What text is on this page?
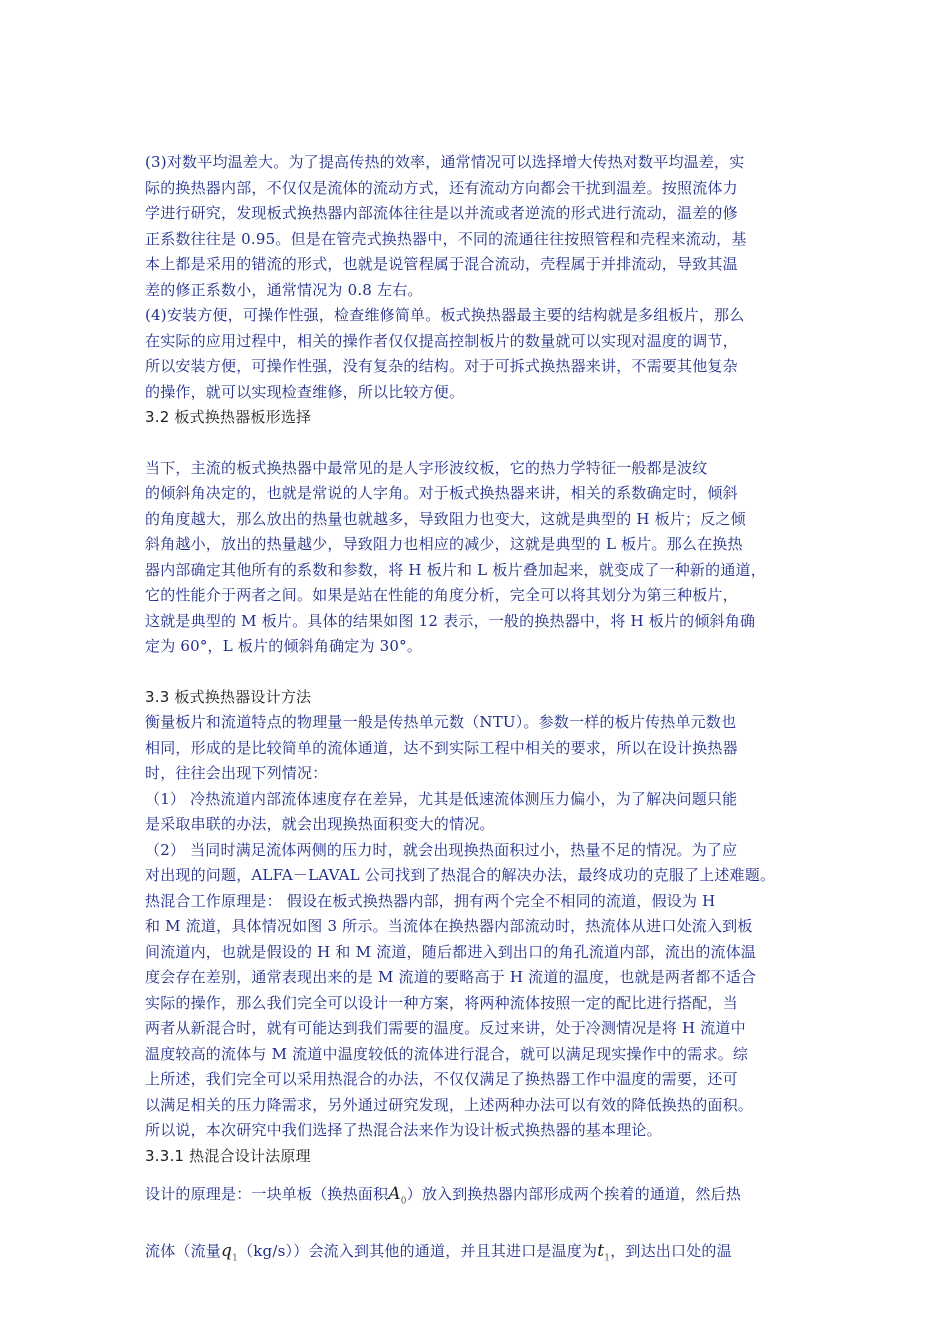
(3)对数平均温差大。为了提高传热的效率，通常情况可以选择增大传热对数平均温差，实
际的换热器内部，不仅仅是流体的流动方式，还有流动方向都会干扰到温差。按照流体力
学进行研究，发现板式换热器内部流体往往是以并流或者逆流的形式进行流动，温差的修
正系数往往是 0.95。但是在管壳式换热器中，不同的流通往往按照管程和壳程来流动，基
本上都是采用的错流的形式，也就是说管程属于混合流动，壳程属于并排流动，导致其温
差的修正系数小，通常情况为 0.8 左右。
(4)安装方便，可操作性强，检查维修简单。板式换热器最主要的结构就是多组板片，那么
在实际的应用过程中，相关的操作者仅仅提高控制板片的数量就可以实现对温度的调节，
所以安装方便，可操作性强，没有复杂的结构。对于可拆式换热器来讲，不需要其他复杂
的操作，就可以实现检查维修，所以比较方便。
3.2 板式换热器板形选择
当下，主流的板式换热器中最常见的是人字形波纹板，它的热力学特征一般都是波纹
的倾斜角决定的，也就是常说的人字角。对于板式换热器来讲，相关的系数确定时，倾斜
的角度越大，那么放出的热量也就越多，导致阻力也变大，这就是典型的 H 板片；反之倾
斜角越小，放出的热量越少，导致阻力也相应的减少，这就是典型的 L 板片。那么在换热
器内部确定其他所有的系数和参数，将 H 板片和 L 板片叠加起来，就变成了一种新的通道，
它的性能介于两者之间。如果是站在性能的角度分析，完全可以将其划分为第三种板片，
这就是典型的 M 板片。具体的结果如图 12 表示，一般的换热器中，将 H 板片的倾斜角确
定为 60°，L 板片的倾斜角确定为 30°。
3.3 板式换热器设计方法
衡量板片和流道特点的物理量一般是传热单元数（NTU）。参数一样的板片传热单元数也
相同，形成的是比较简单的流体通道，达不到实际工程中相关的要求，所以在设计换热器
时，往往会出现下列情况：
（1） 冷热流道内部流体速度存在差异，尤其是低速流体测压力偏小，为了解决问题只能
是采取串联的办法，就会出现换热面积变大的情况。
（2） 当同时满足流体两侧的压力时，就会出现换热面积过小，热量不足的情况。为了应
对出现的问题，ALFA－LAVAL 公司找到了热混合的解决办法，最终成功的克服了上述难题。
热混合工作原理是： 假设在板式换热器内部，拥有两个完全不相同的流道，假设为 H
和 M 流道，具体情况如图 3 所示。当流体在换热器内部流动时，热流体从进口处流入到板
间流道内，也就是假设的 H 和 M 流道，随后都进入到出口的角孔流道内部，流出的流体温
度会存在差别，通常表现出来的是 M 流道的要略高于 H 流道的温度，也就是两者都不适合
实际的操作，那么我们完全可以设计一种方案，将两种流体按照一定的配比进行搭配，当
两者从新混合时，就有可能达到我们需要的温度。反过来讲，处于冷测情况是将 H 流道中
温度较高的流体与 M 流道中温度较低的流体进行混合，就可以满足现实操作中的需求。综
上所述，我们完全可以采用热混合的办法，不仅仅满足了换热器工作中温度的需要，还可
以满足相关的压力降需求，另外通过研究发现，上述两种办法可以有效的降低换热的面积。
所以说，本次研究中我们选择了热混合法来作为设计板式换热器的基本理论。
3.3.1 热混合设计法原理
设计的原理是：一块单板（换热面积$A_0$）放入到换热器内部形成两个挨着的通道，然后热
流体（流量$q_1(kg/s)$）会流入到其他的通道，并且其进口是温度为$t_1$，到达出口处的温
